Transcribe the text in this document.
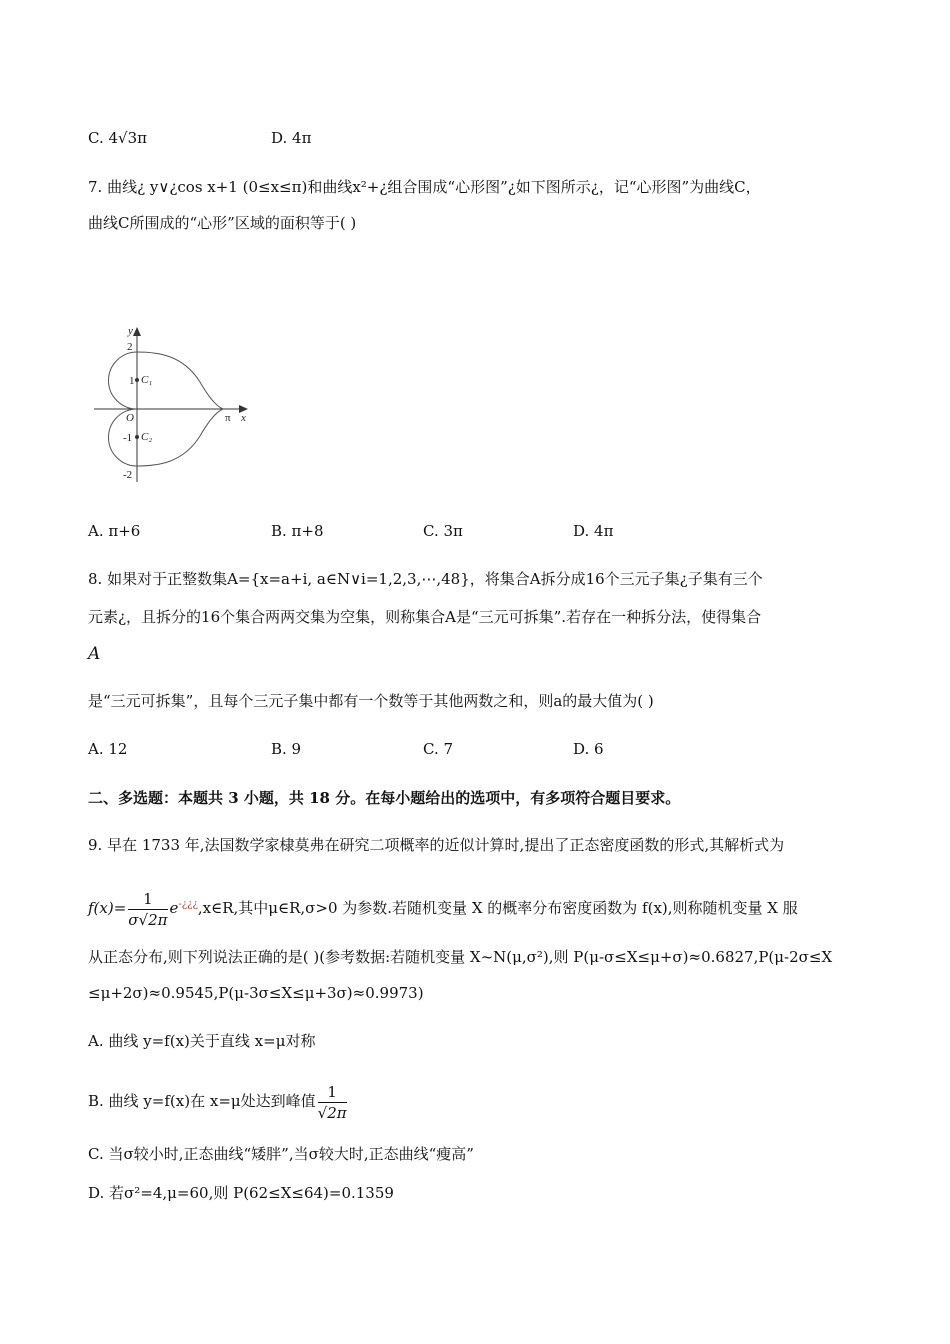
C. 4√3π	D. 4π
7. 曲线¿ y∨¿cos x+1 (0≤x≤π)和曲线x²+¿组合围成“心形图”¿如下图所示¿，记“心形图”为曲线C，
曲线C所围成的“心形”区域的面积等于( )
y
2
1 C₁
O	π x
-1 C₂
-2
A. π+6	B. π+8	C. 3π	D. 4π
8. 如果对于正整数集A={x=a+i, a∈N∨i=1,2,3,⋯,48}，将集合A拆分成16个三元子集¿子集有三个
元素¿，且拆分的16个集合两两交集为空集，则称集合A是“三元可拆集”.若存在一种拆分法，使得集合
A
是“三元可拆集”，且每个三元子集中都有一个数等于其他两数之和，则a的最大值为( )
A. 12	B. 9	C. 7	D. 6
二、多选题：本题共 3 小题，共 18 分。在每小题给出的选项中，有多项符合题目要求。
9. 早在 1733 年,法国数学家棣莫弗在研究二项概率的近似计算时,提出了正态密度函数的形式,其解析式为
$f(x)= \frac{1}{\sigma√2\pi}$ e-¿¿¿,x∈R,其中μ∈R,σ>0 为参数.若随机变量 X 的概率分布密度函数为 f(x),则称随机变量 X 服
从正态分布,则下列说法正确的是( )(参考数据:若随机变量 X~N(μ,σ²),则 P(μ-σ≤X≤μ+σ)≈0.6827,P(μ-2σ≤X
≤μ+2σ)≈0.9545,P(μ-3σ≤X≤μ+3σ)≈0.9973)
A. 曲线 y=f(x)关于直线 x=μ对称
B. 曲线 y=f(x)在 x=μ处达到峰值 $\frac{1}{√2\pi}$
C. 当σ较小时,正态曲线“矮胖”,当σ较大时,正态曲线“瘦高”
D. 若σ²=4,μ=60,则 P(62≤X≤64)=0.1359
